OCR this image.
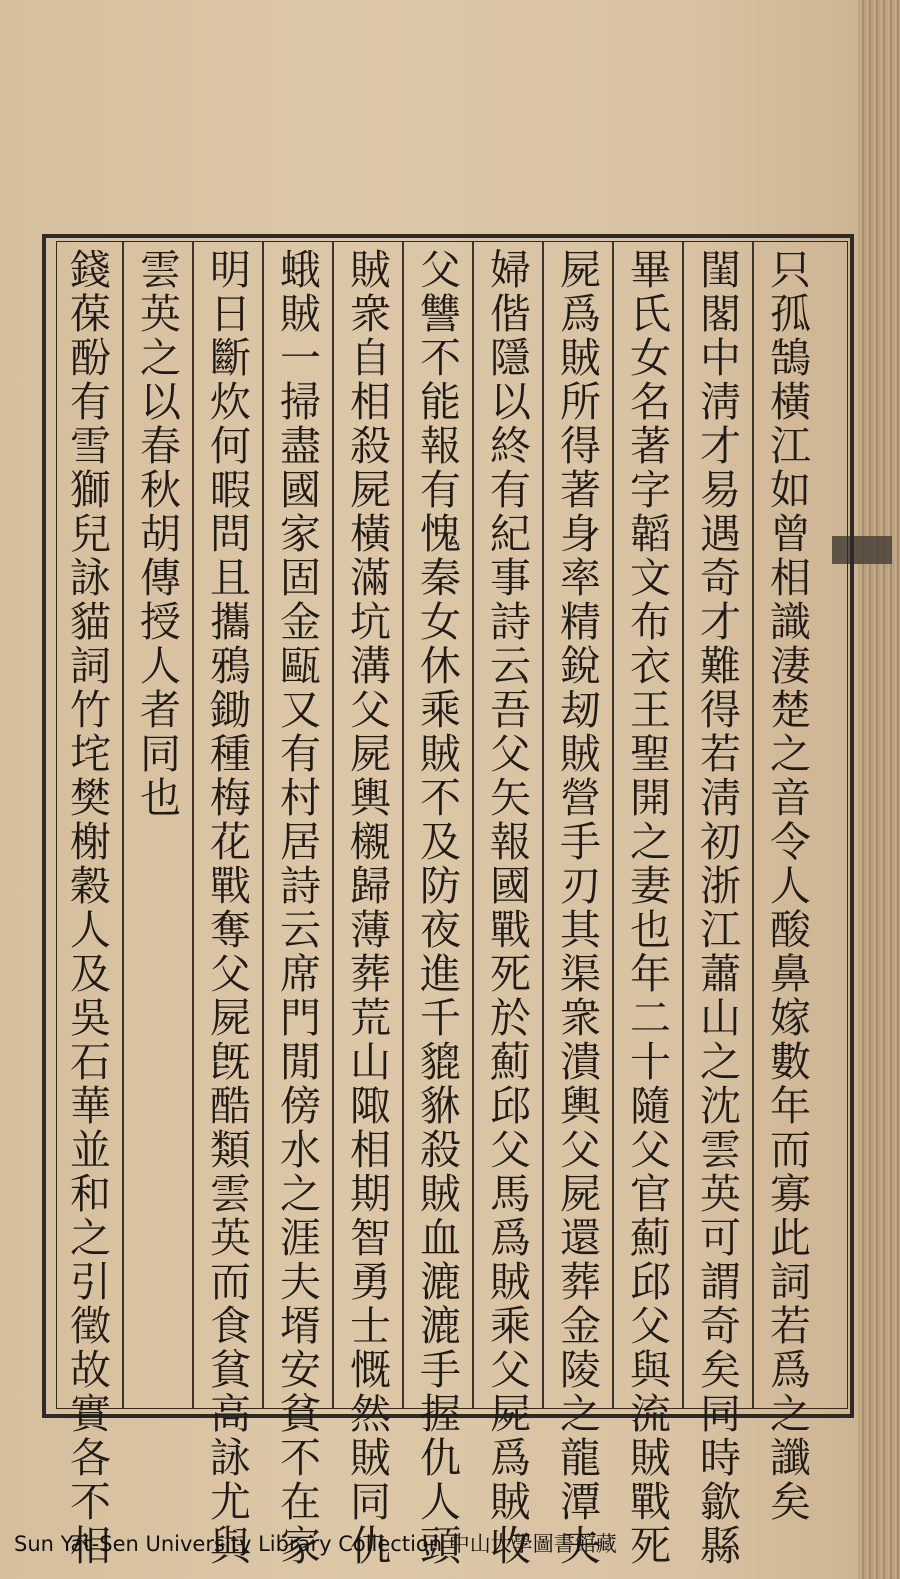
只孤鵠橫江如曾相識淒楚之音令人酸鼻嫁數年而寡此詞若爲之讖矣
閨閣中淸才易遇奇才難得若淸初浙江蕭山之沈雲英可謂奇矣同時歙縣
畢氏女名著字韜文布衣王聖開之妻也年二十隨父官薊邱父與流賊戰死
屍爲賊所得著身率精銳刼賊營手刃其渠衆潰輿父屍還葬金陵之龍潭夫
婦偕隱以終有紀事詩云吾父矢報國戰死於薊邱父馬爲賊乘父屍爲賊收
父讐不能報有愧秦女休乘賊不及防夜進千貔貅殺賊血漉漉手握仇人頭
賊衆自相殺屍橫滿坑溝父屍輿櫬歸薄葬荒山陬相期智勇士慨然賊同仇
蛾賊一掃盡國家固金甌又有村居詩云席門閒傍水之涯夫壻安貧不在家
明日斷炊何暇問且攜鴉鋤種梅花戰奪父屍旣酷類雲英而食貧高詠尤與
雲英之以春秋胡傳授人者同也
錢葆酚有雪獅兒詠貓詞竹垞樊榭穀人及吳石華並和之引徵故實各不相
Sun Yat-Sen University Library Collection 中山大學圖書館藏
